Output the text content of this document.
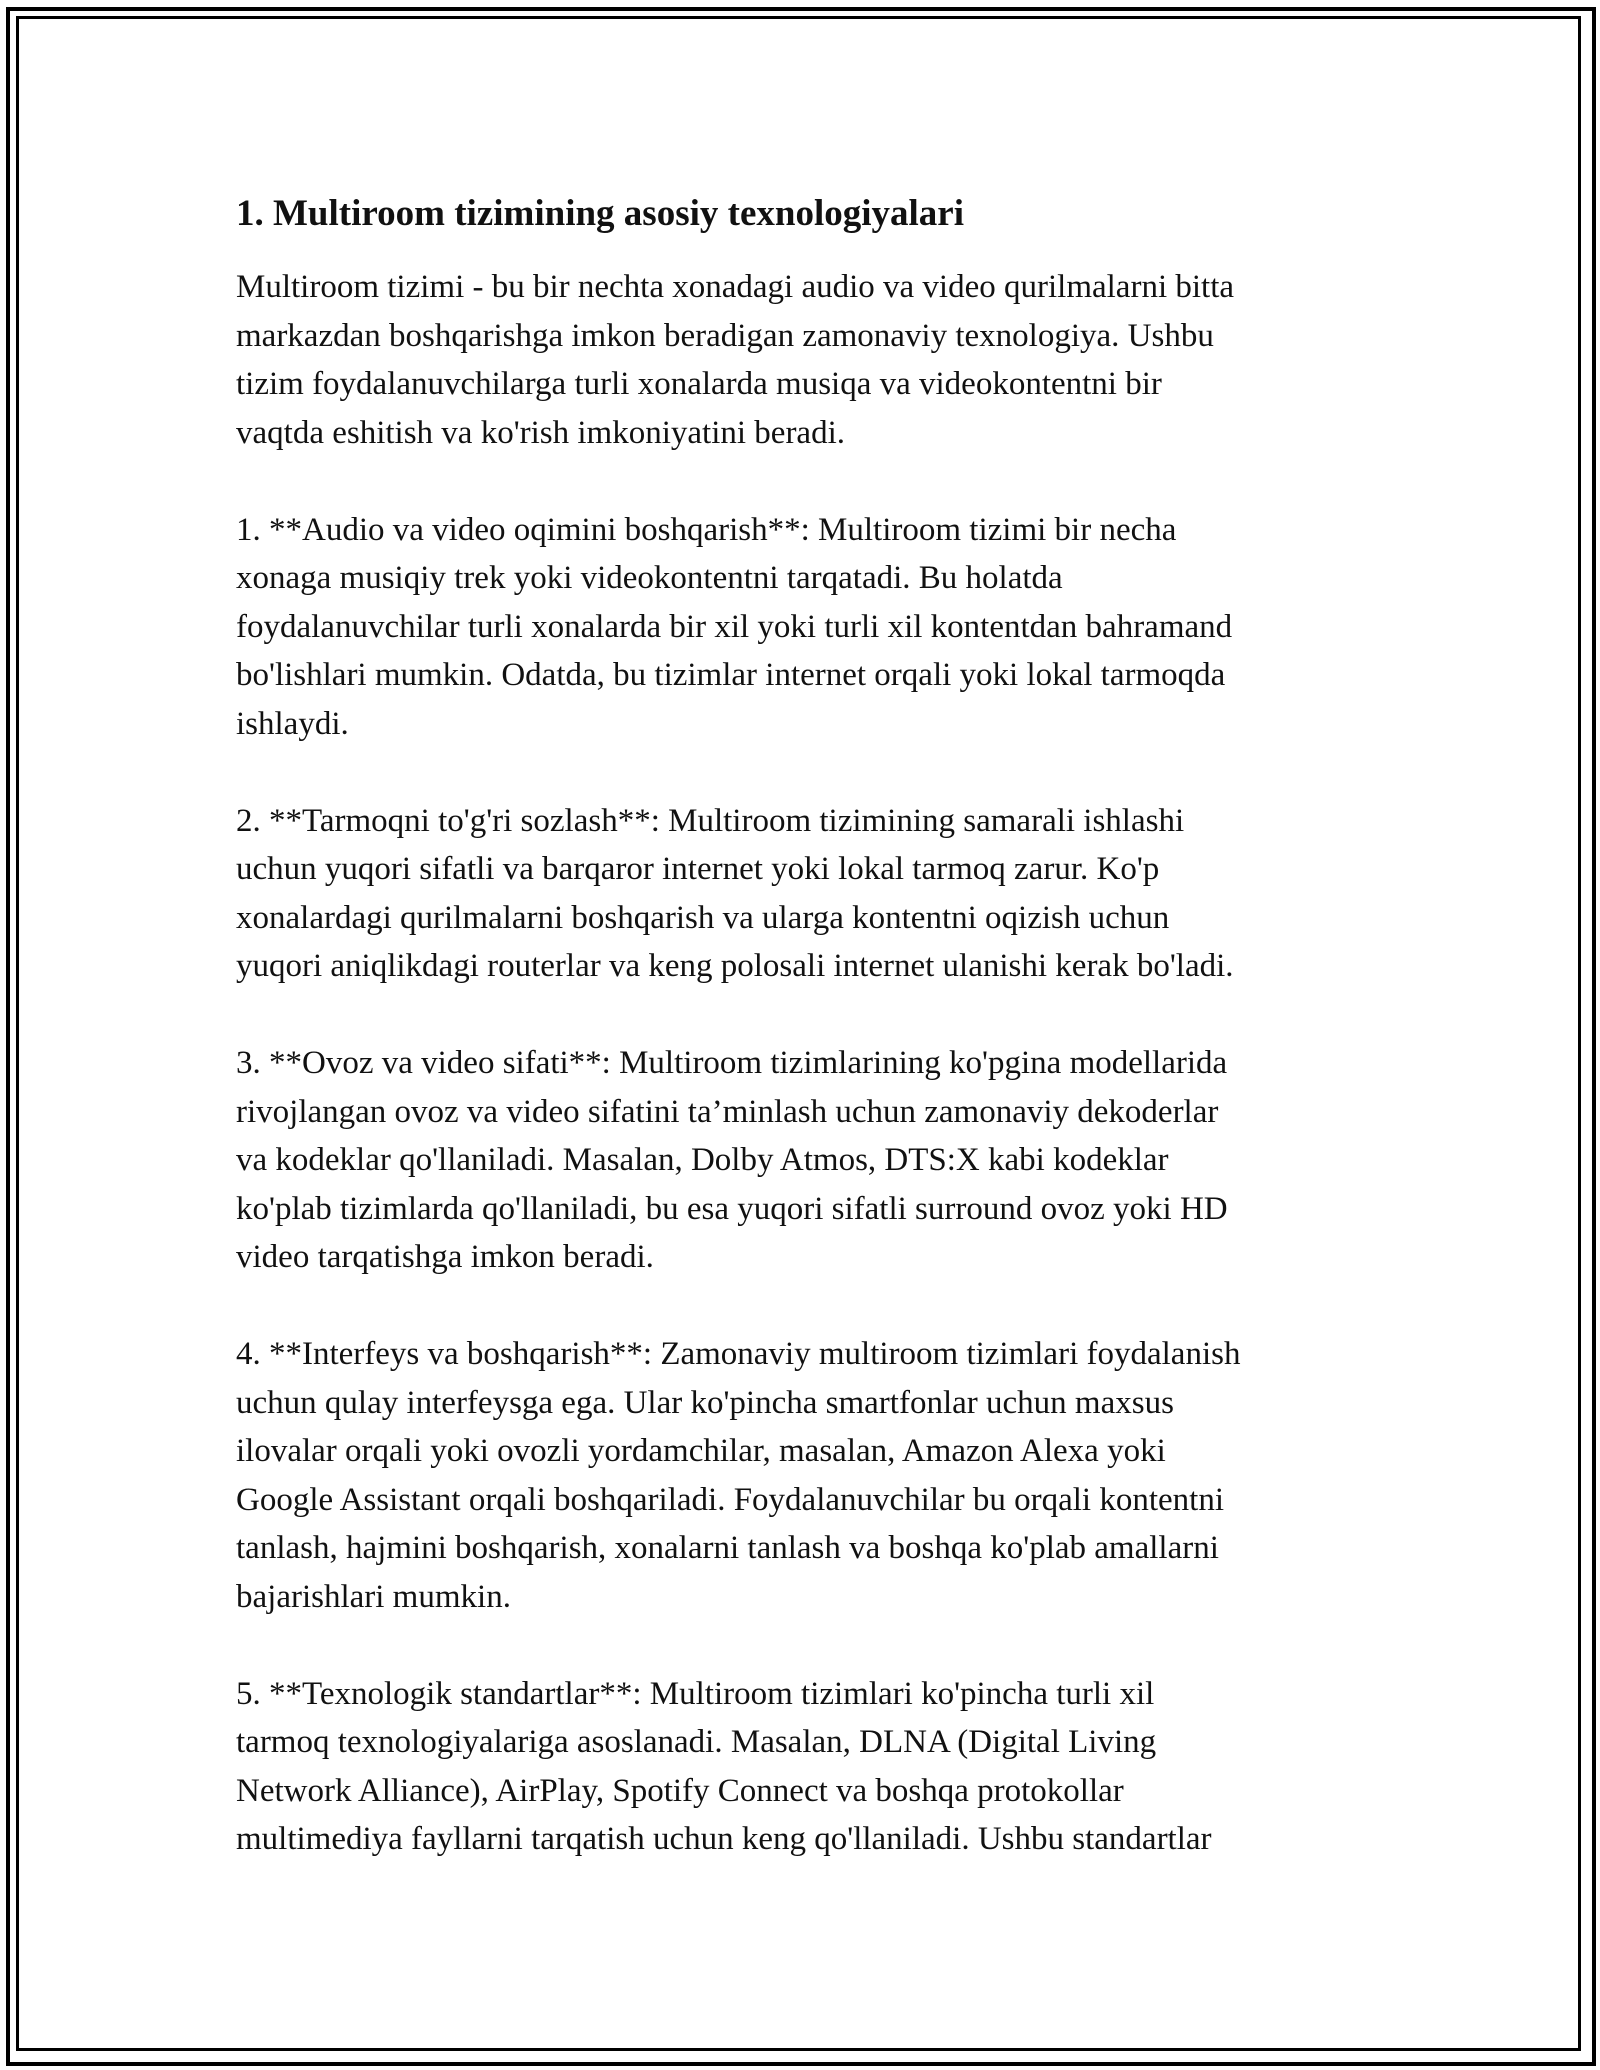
1. Multiroom tizimining asosiy texnologiyalari

Multiroom tizimi - bu bir nechta xonadagi audio va video qurilmalarni bitta
markazdan boshqarishga imkon beradigan zamonaviy texnologiya. Ushbu
tizim foydalanuvchilarga turli xonalarda musiqa va videokontentni bir
vaqtda eshitish va ko'rish imkoniyatini beradi.

1. **Audio va video oqimini boshqarish**: Multiroom tizimi bir necha
xonaga musiqiy trek yoki videokontentni tarqatadi. Bu holatda
foydalanuvchilar turli xonalarda bir xil yoki turli xil kontentdan bahramand
bo'lishlari mumkin. Odatda, bu tizimlar internet orqali yoki lokal tarmoqda
ishlaydi.

2. **Tarmoqni to'g'ri sozlash**: Multiroom tizimining samarali ishlashi
uchun yuqori sifatli va barqaror internet yoki lokal tarmoq zarur. Ko'p
xonalardagi qurilmalarni boshqarish va ularga kontentni oqizish uchun
yuqori aniqlikdagi routerlar va keng polosali internet ulanishi kerak bo'ladi.

3. **Ovoz va video sifati**: Multiroom tizimlarining ko'pgina modellarida
rivojlangan ovoz va video sifatini ta’minlash uchun zamonaviy dekoderlar
va kodeklar qo'llaniladi. Masalan, Dolby Atmos, DTS:X kabi kodeklar
ko'plab tizimlarda qo'llaniladi, bu esa yuqori sifatli surround ovoz yoki HD
video tarqatishga imkon beradi.

4. **Interfeys va boshqarish**: Zamonaviy multiroom tizimlari foydalanish
uchun qulay interfeysga ega. Ular ko'pincha smartfonlar uchun maxsus
ilovalar orqali yoki ovozli yordamchilar, masalan, Amazon Alexa yoki
Google Assistant orqali boshqariladi. Foydalanuvchilar bu orqali kontentni
tanlash, hajmini boshqarish, xonalarni tanlash va boshqa ko'plab amallarni
bajarishlari mumkin.

5. **Texnologik standartlar**: Multiroom tizimlari ko'pincha turli xil
tarmoq texnologiyalariga asoslanadi. Masalan, DLNA (Digital Living
Network Alliance), AirPlay, Spotify Connect va boshqa protokollar
multimediya fayllarni tarqatish uchun keng qo'llaniladi. Ushbu standartlar
